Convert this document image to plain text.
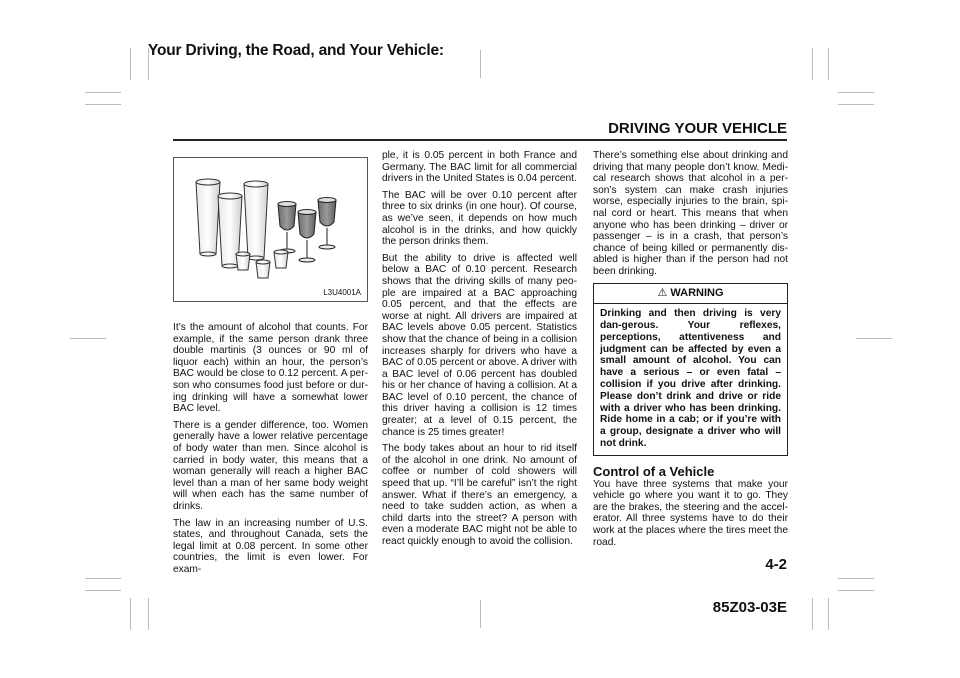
Your Driving, the Road, and Your Vehicle:
DRIVING YOUR VEHICLE
L3U4001A

It’s the amount of alcohol that counts. For example, if the same person drank three double martinis (3 ounces or 90 ml of liquor each) within an hour, the person’s BAC would be close to 0.12 percent. A per-son who consumes food just before or dur-ing drinking will have a somewhat lower BAC level.

There is a gender difference, too. Women generally have a lower relative percentage of body water than men. Since alcohol is carried in body water, this means that a woman generally will reach a higher BAC level than a man of her same body weight will when each has the same number of drinks.

The law in an increasing number of U.S. states, and throughout Canada, sets the legal limit at 0.08 percent. In some other countries, the limit is even lower. For exam-

ple, it is 0.05 percent in both France and Germany. The BAC limit for all commercial drivers in the United States is 0.04 percent.

The BAC will be over 0.10 percent after three to six drinks (in one hour). Of course, as we’ve seen, it depends on how much alcohol is in the drinks, and how quickly the person drinks them.

But the ability to drive is affected well below a BAC of 0.10 percent. Research shows that the driving skills of many peo-ple are impaired at a BAC approaching 0.05 percent, and that the effects are worse at night. All drivers are impaired at BAC levels above 0.05 percent. Statistics show that the chance of being in a collision increases sharply for drivers who have a BAC of 0.05 percent or above. A driver with a BAC level of 0.06 percent has doubled his or her chance of having a collision. At a BAC level of 0.10 percent, the chance of this driver having a collision is 12 times greater; at a level of 0.15 percent, the chance is 25 times greater!

The body takes about an hour to rid itself of the alcohol in one drink. No amount of coffee or number of cold showers will speed that up. “I’ll be careful” isn’t the right answer. What if there’s an emergency, a need to take sudden action, as when a child darts into the street? A person with even a moderate BAC might not be able to react quickly enough to avoid the collision.

There’s something else about drinking and driving that many people don’t know. Medi-cal research shows that alcohol in a per-son’s system can make crash injuries worse, especially injuries to the brain, spi-nal cord or heart. This means that when anyone who has been drinking – driver or passenger – is in a crash, that person’s chance of being killed or permanently dis-abled is higher than if the person had not been drinking.

⚠ WARNING
Drinking and then driving is very dan-gerous. Your reflexes, perceptions, attentiveness and judgment can be affected by even a small amount of alcohol. You can have a serious – or even fatal – collision if you drive after drinking. Please don’t drink and drive or ride with a driver who has been drinking. Ride home in a cab; or if you’re with a group, designate a driver who will not drink.
Control of a Vehicle

You have three systems that make your vehicle go where you want it to go. They are the brakes, the steering and the accel-erator. All three systems have to do their work at the places where the tires meet the road.

4-2
85Z03-03E
